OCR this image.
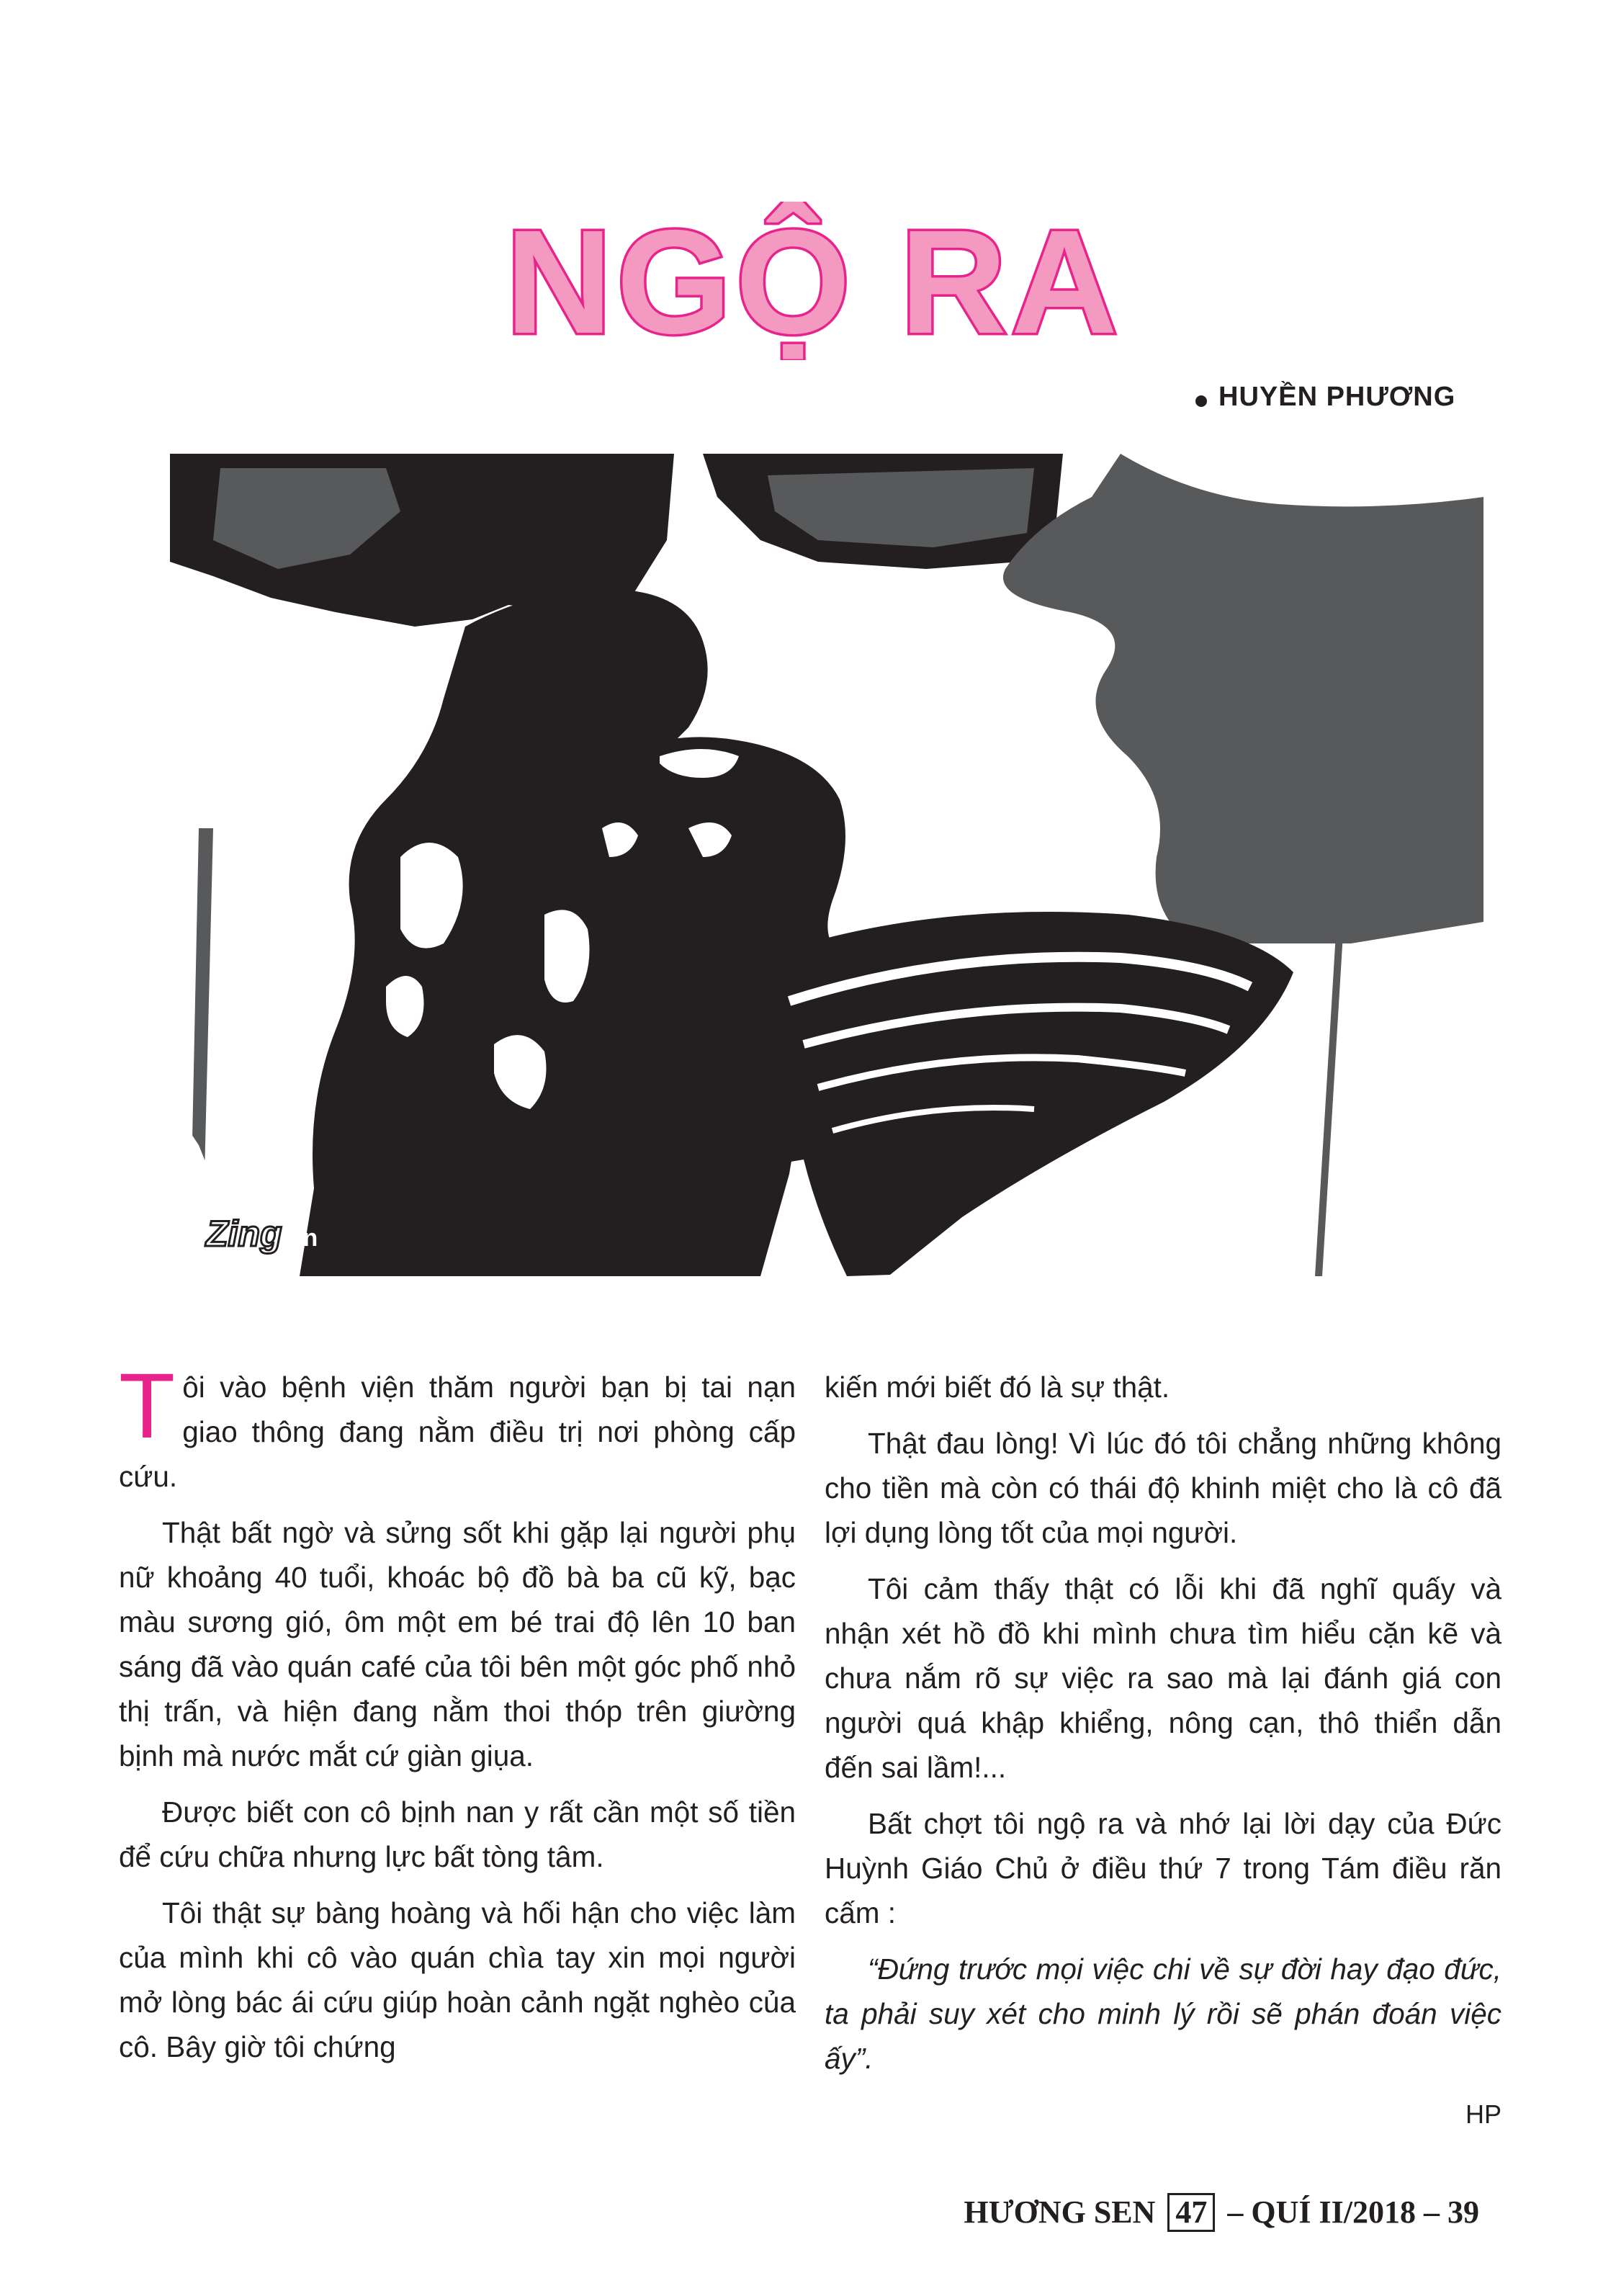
NGỘ RA
HUYỀN PHƯƠNG
Zing vn

Tôi vào bệnh viện thăm người bạn bị tai nạn giao thông đang nằm điều trị nơi phòng cấp cứu.

Thật bất ngờ và sửng sốt khi gặp lại người phụ nữ khoảng 40 tuổi, khoác bộ đồ bà ba cũ kỹ, bạc màu sương gió, ôm một em bé trai độ lên 10 ban sáng đã vào quán café của tôi bên một góc phố nhỏ thị trấn, và hiện đang nằm thoi thóp trên giường bịnh mà nước mắt cứ giàn giụa.

Được biết con cô bịnh nan y rất cần một số tiền để cứu chữa nhưng lực bất tòng tâm.

Tôi thật sự bàng hoàng và hối hận cho việc làm của mình khi cô vào quán chìa tay xin mọi người mở lòng bác ái cứu giúp hoàn cảnh ngặt nghèo của cô. Bây giờ tôi chứng

kiến mới biết đó là sự thật.

Thật đau lòng! Vì lúc đó tôi chẳng những không cho tiền mà còn có thái độ khinh miệt cho là cô đã lợi dụng lòng tốt của mọi người.

Tôi cảm thấy thật có lỗi khi đã nghĩ quấy và nhận xét hồ đồ khi mình chưa tìm hiểu cặn kẽ và chưa nắm rõ sự việc ra sao mà lại đánh giá con người quá khập khiểng, nông cạn, thô thiển dẫn đến sai lầm!...

Bất chợt tôi ngộ ra và nhớ lại lời dạy của Đức Huỳnh Giáo Chủ ở điều thứ 7 trong Tám điều răn cấm :

“Đứng trước mọi việc chi về sự đời hay đạo đức, ta phải suy xét cho minh lý rồi sẽ phán đoán việc ấy”.

HP

HƯƠNG SEN 47 – QUÍ II/2018 – 39
